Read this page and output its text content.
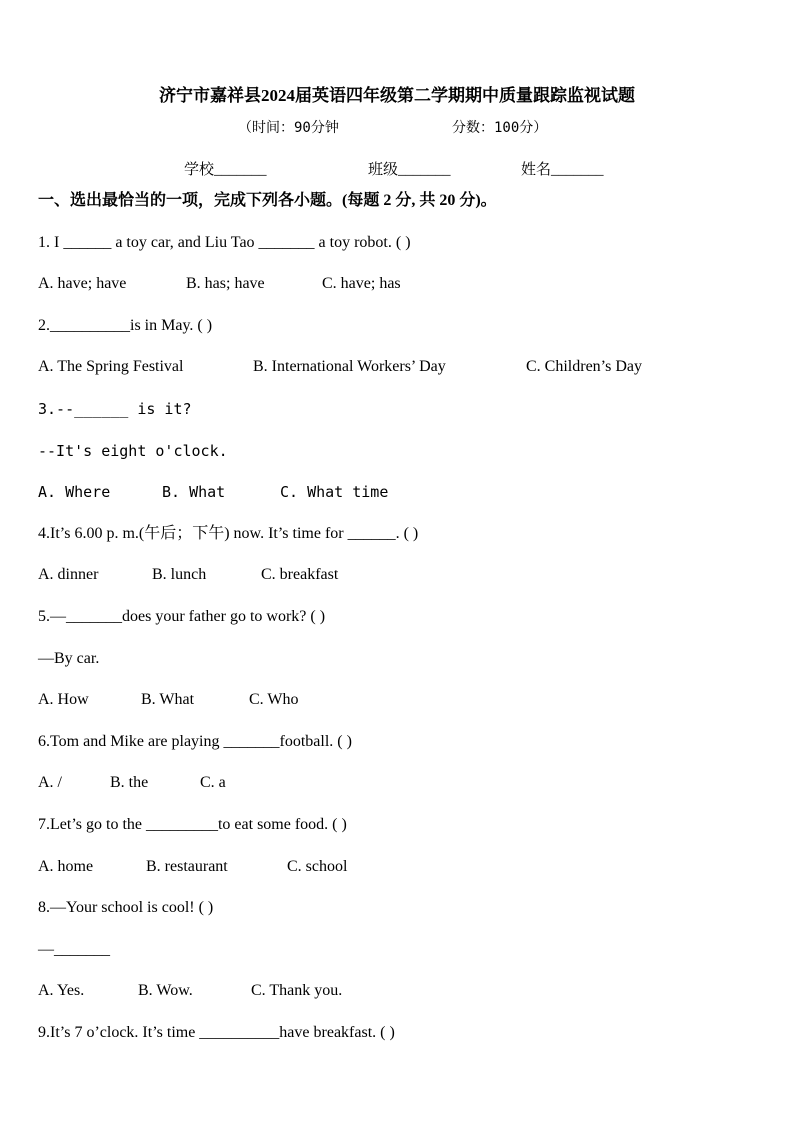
济宁市嘉祥县2024届英语四年级第二学期期中质量跟踪监视试题
（时间：90分钟	分数：100分）
学校_______	班级_______	姓名_______
一、选出最恰当的一项，完成下列各小题。(每题 2 分, 共 20 分)。
1. I ______ a toy car, and Liu Tao _______ a toy robot. ( )
A. have; have	B. has; have	C. have; has
2.__________is in May. ( )
A. The Spring Festival	B. International Workers’ Day	C. Children’s Day
3.--______ is it?
--It's eight o'clock.
A. Where	B. What	C. What time
4.It’s 6.00 p. m.(午后；下午) now. It’s time for ______. ( )
A. dinner	B. lunch	C. breakfast
5.—_______does your father go to work? ( )
—By car.
A. How	B. What	C. Who
6.Tom and Mike are playing _______football. ( )
A. /	B. the	C. a
7.Let’s go to the _________to eat some food. ( )
A. home	B. restaurant	C. school
8.—Your school is cool! ( )
—_______
A. Yes.	B. Wow.	C. Thank you.
9.It’s 7 o’clock. It’s time __________have breakfast. ( )
